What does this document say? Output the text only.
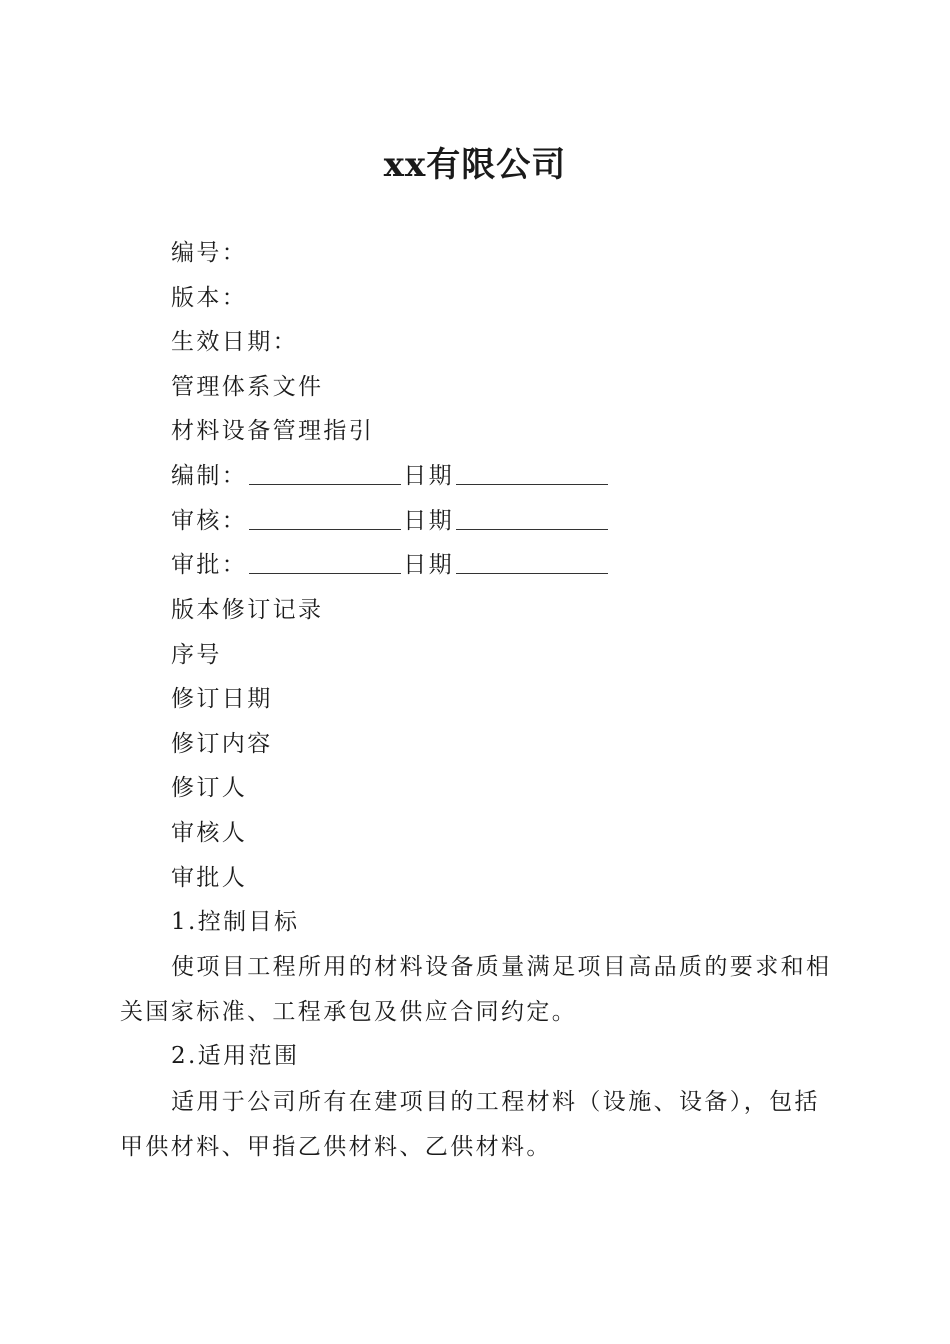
xx有限公司
编号：
版本：
生效日期：
管理体系文件
材料设备管理指引
编制：	日期
审核：	日期
审批：	日期
版本修订记录
序号
修订日期
修订内容
修订人
审核人
审批人
1.控制目标
使项目工程所用的材料设备质量满足项目高品质的要求和相关国家标准、工程承包及供应合同约定。
2.适用范围
适用于公司所有在建项目的工程材料（设施、设备），包括甲供材料、甲指乙供材料、乙供材料。
